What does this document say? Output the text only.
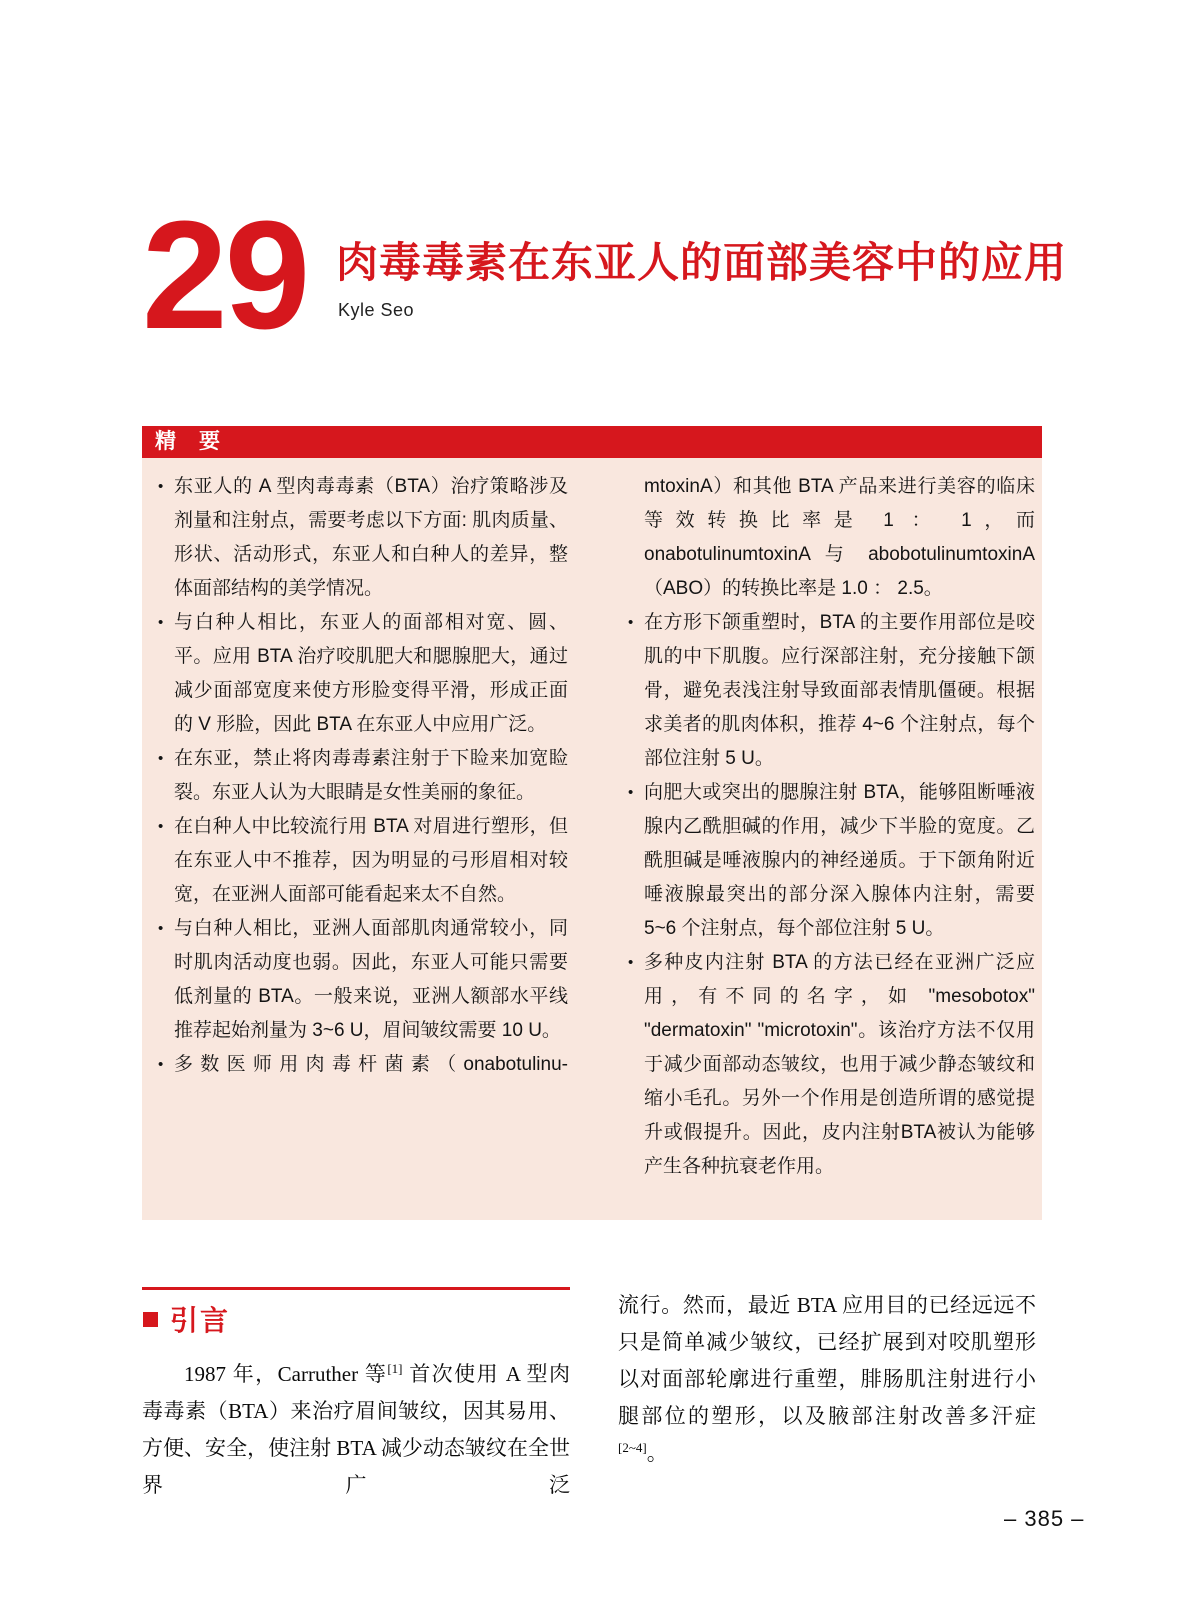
29 肉毒毒素在东亚人的面部美容中的应用
Kyle Seo
精　要
• 东亚人的 A 型肉毒毒素（BTA）治疗策略涉及剂量和注射点，需要考虑以下方面: 肌肉质量、形状、活动形式，东亚人和白种人的差异，整体面部结构的美学情况。
• 与白种人相比，东亚人的面部相对宽、圆、平。应用 BTA 治疗咬肌肥大和腮腺肥大，通过减少面部宽度来使方形脸变得平滑，形成正面的 V 形脸，因此 BTA 在东亚人中应用广泛。
• 在东亚，禁止将肉毒毒素注射于下睑来加宽睑裂。东亚人认为大眼睛是女性美丽的象征。
• 在白种人中比较流行用 BTA 对眉进行塑形，但在东亚人中不推荐，因为明显的弓形眉相对较宽，在亚洲人面部可能看起来太不自然。
• 与白种人相比，亚洲人面部肌肉通常较小，同时肌肉活动度也弱。因此，东亚人可能只需要低剂量的 BTA。一般来说，亚洲人额部水平线推荐起始剂量为 3~6 U，眉间皱纹需要 10 U。
• 多数医师用肉毒杆菌素（onabotulinu-
mtoxinA）和其他 BTA 产品来进行美容的临床等效转换比率是 1 ： 1，而 onabotulinumtoxinA 与 abobotulinumtoxinA（ABO）的转换比率是 1.0 ： 2.5。
• 在方形下颌重塑时，BTA 的主要作用部位是咬肌的中下肌腹。应行深部注射，充分接触下颌骨，避免表浅注射导致面部表情肌僵硬。根据求美者的肌肉体积，推荐 4~6 个注射点，每个部位注射 5 U。
• 向肥大或突出的腮腺注射 BTA，能够阻断唾液腺内乙酰胆碱的作用，减少下半脸的宽度。乙酰胆碱是唾液腺内的神经递质。于下颌角附近唾液腺最突出的部分深入腺体内注射，需要 5~6 个注射点，每个部位注射 5 U。
• 多种皮内注射 BTA 的方法已经在亚洲广泛应用，有不同的名字，如 "mesobotox" "dermatoxin" "microtoxin"。该治疗方法不仅用于减少面部动态皱纹，也用于减少静态皱纹和缩小毛孔。另外一个作用是创造所谓的感觉提升或假提升。因此，皮内注射BTA被认为能够产生各种抗衰老作用。
引言

1987 年，Carruther 等[1] 首次使用 A 型肉毒毒素（BTA）来治疗眉间皱纹，因其易用、方便、安全，使注射 BTA 减少动态皱纹在全世界广泛

流行。然而，最近 BTA 应用目的已经远远不只是简单减少皱纹，已经扩展到对咬肌塑形以对面部轮廓进行重塑，腓肠肌注射进行小腿部位的塑形，以及腋部注射改善多汗症[2~4]。

– 385 –
